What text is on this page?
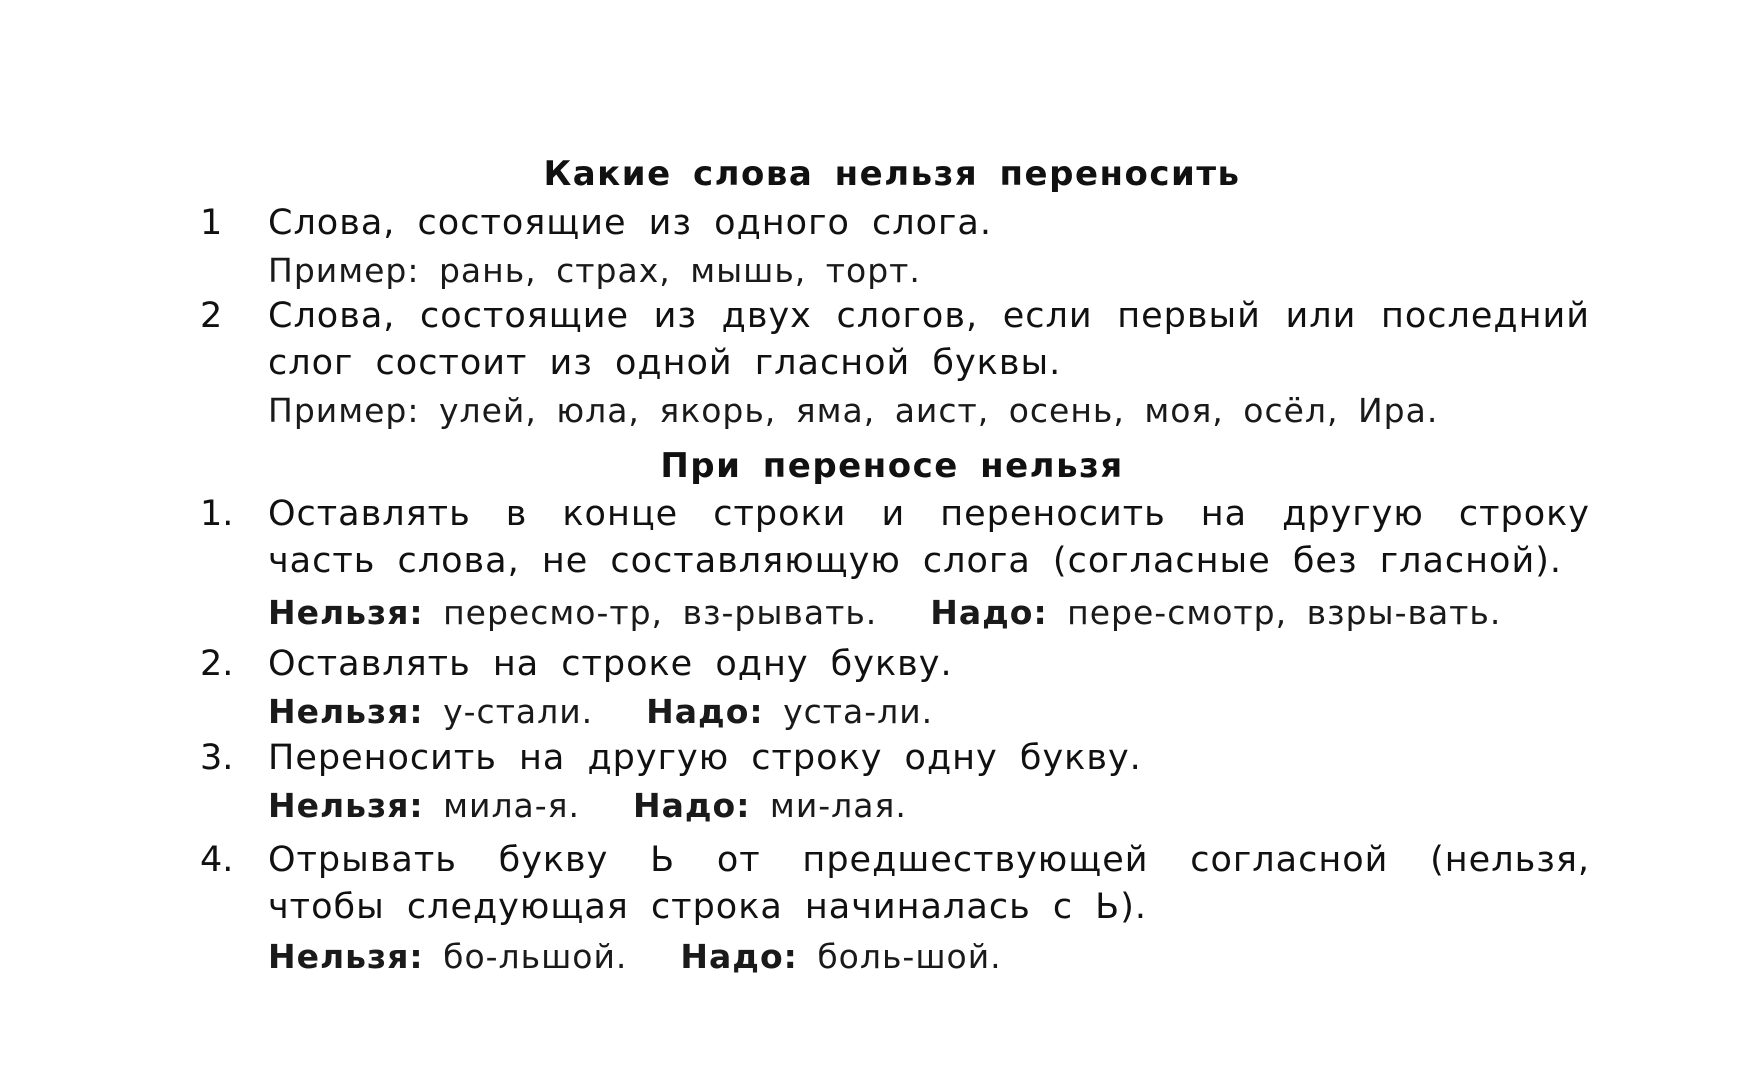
Какие слова нельзя переносить
1	Слова, состоящие из одного слога.
Пример: рань, страх, мышь, торт.
2	Слова, состоящие из двух слогов, если первый или последний слог состоит из одной гласной буквы.
Пример: улей, юла, якорь, яма, аист, осень, моя, осёл, Ира.
При переносе нельзя
1. Оставлять в конце строки и переносить на другую строку часть слова, не составляющую слога (согласные без гласной).
Нельзя: пересмо-тр, вз-рывать. Надо: пере-смотр, взры-вать.
2. Оставлять на строке одну букву.
Нельзя: у-стали. Надо: уста-ли.
3. Переносить на другую строку одну букву.
Нельзя: мила-я. Надо: ми-лая.
4. Отрывать букву Ь от предшествующей согласной (нельзя, чтобы следующая строка начиналась с Ь).
Нельзя: бо-льшой. Надо: боль-шой.
